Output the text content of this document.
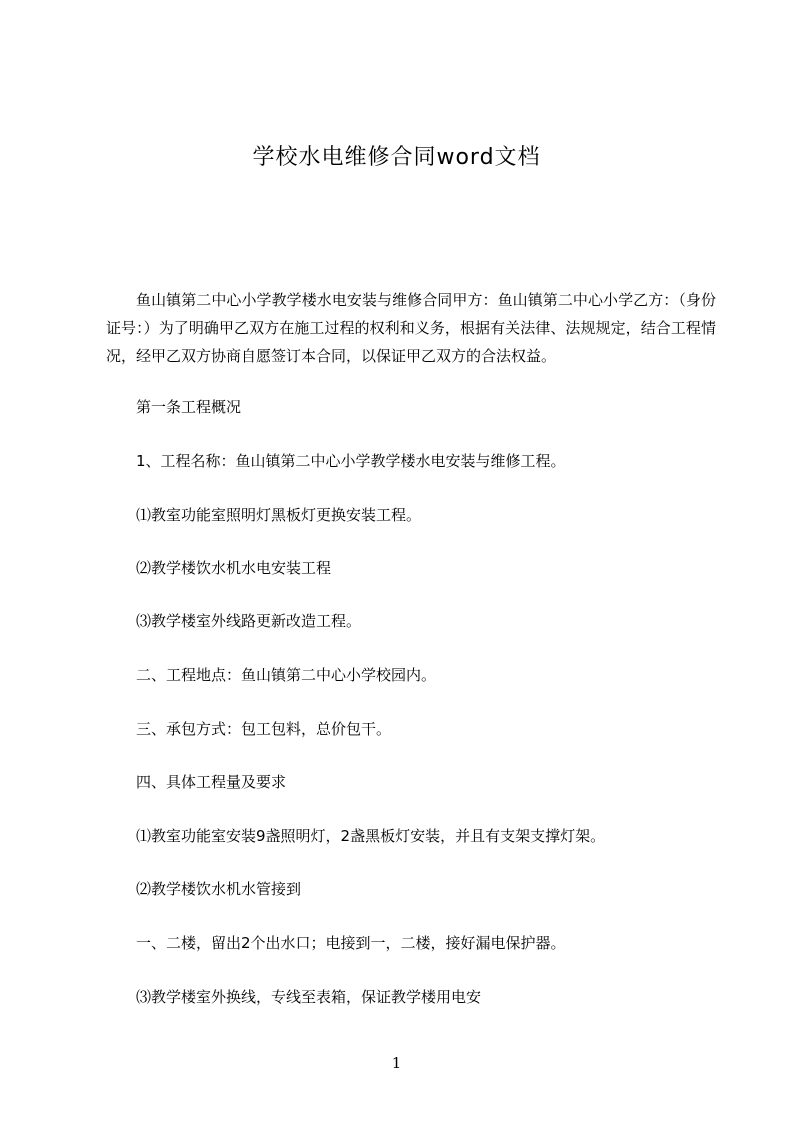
学校水电维修合同word文档

鱼山镇第二中心小学教学楼水电安装与维修合同甲方：鱼山镇第二中心小学乙方：（身份证号：）为了明确甲乙双方在施工过程的权利和义务，根据有关法律、法规规定，结合工程情况，经甲乙双方协商自愿签订本合同，以保证甲乙双方的合法权益。

第一条工程概况

1、工程名称：鱼山镇第二中心小学教学楼水电安装与维修工程。

⑴教室功能室照明灯黑板灯更换安装工程。

⑵教学楼饮水机水电安装工程

⑶教学楼室外线路更新改造工程。

二、工程地点：鱼山镇第二中心小学校园内。

三、承包方式：包工包料，总价包干。

四、具体工程量及要求

⑴教室功能室安装9盏照明灯，2盏黑板灯安装，并且有支架支撑灯架。

⑵教学楼饮水机水管接到

一、二楼，留出2个出水口；电接到一，二楼，接好漏电保护器。

⑶教学楼室外换线，专线至表箱，保证教学楼用电安

1
